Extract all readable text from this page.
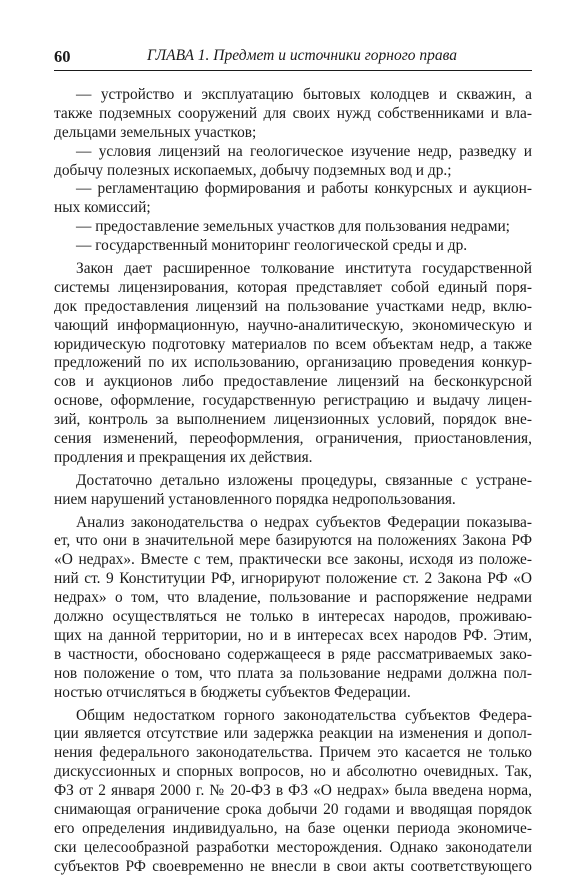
60	ГЛАВА 1. Предмет и источники горного права
— устройство и эксплуатацию бытовых колодцев и скважин, а
также подземных сооружений для своих нужд собственниками и вла-
дельцами земельных участков;
— условия лицензий на геологическое изучение недр, разведку и
добычу полезных ископаемых, добычу подземных вод и др.;
— регламентацию формирования и работы конкурсных и аукцион-
ных комиссий;
— предоставление земельных участков для пользования недрами;
— государственный мониторинг геологической среды и др.
Закон дает расширенное толкование института государственной
системы лицензирования, которая представляет собой единый поря-
док предоставления лицензий на пользование участками недр, вклю-
чающий информационную, научно-аналитическую, экономическую и
юридическую подготовку материалов по всем объектам недр, а также
предложений по их использованию, организацию проведения конкур-
сов и аукционов либо предоставление лицензий на бесконкурсной
основе, оформление, государственную регистрацию и выдачу лицен-
зий, контроль за выполнением лицензионных условий, порядок вне-
сения изменений, переоформления, ограничения, приостановления,
продления и прекращения их действия.
Достаточно детально изложены процедуры, связанные с устране-
нием нарушений установленного порядка недропользования.
Анализ законодательства о недрах субъектов Федерации показыва-
ет, что они в значительной мере базируются на положениях Закона РФ
«О недрах». Вместе с тем, практически все законы, исходя из положе-
ний ст. 9 Конституции РФ, игнорируют положение ст. 2 Закона РФ «О
недрах» о том, что владение, пользование и распоряжение недрами
должно осуществляться не только в интересах народов, проживаю-
щих на данной территории, но и в интересах всех народов РФ. Этим,
в частности, обосновано содержащееся в ряде рассматриваемых зако-
нов положение о том, что плата за пользование недрами должна пол-
ностью отчисляться в бюджеты субъектов Федерации.
Общим недостатком горного законодательства субъектов Федера-
ции является отсутствие или задержка реакции на изменения и допол-
нения федерального законодательства. Причем это касается не только
дискуссионных и спорных вопросов, но и абсолютно очевидных. Так,
ФЗ от 2 января 2000 г. № 20-ФЗ в ФЗ «О недрах» была введена норма,
снимающая ограничение срока добычи 20 годами и вводящая порядок
его определения индивидуально, на базе оценки периода экономиче-
ски целесообразной разработки месторождения. Однако законодатели
субъектов РФ своевременно не внесли в свои акты соответствующего
